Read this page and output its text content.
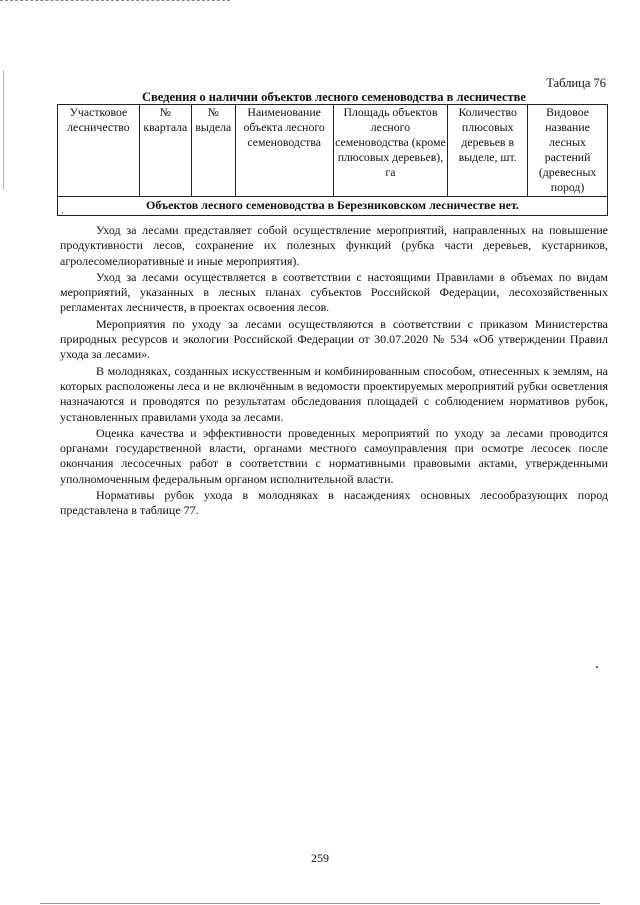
Таблица 76
Сведения о наличии объектов лесного семеноводства в лесничестве
Участковое лесничество	№ квартала	№ выдела	Наименование объекта лесного семеноводства	Площадь объектов лесного семеноводства (кроме плюсовых деревьев), га	Количество плюсовых деревьев в выделе, шт.	Видовое название лесных растений (древесных пород)
Объектов лесного семеноводства в Березниковском лесничестве нет.

Уход за лесами представляет собой осуществление мероприятий, направленных на повышение продуктивности лесов, сохранение их полезных функций (рубка части деревьев, кустарников, агролесомелиоративные и иные мероприятия).

Уход за лесами осуществляется в соответствии с настоящими Правилами в объемах по видам мероприятий, указанных в лесных планах субъектов Российской Федерации, лесохозяйственных регламентах лесничеств, в проектах освоения лесов.

Мероприятия по уходу за лесами осуществляются в соответствии с приказом Министерства природных ресурсов и экологии Российской Федерации от 30.07.2020 № 534 «Об утверждении Правил ухода за лесами».

В молодняках, созданных искусственным и комбинированным способом, отнесенных к землям, на которых расположены леса и не включённым в ведомости проектируемых мероприятий рубки осветления назначаются и проводятся по результатам обследования площадей с соблюдением нормативов рубок, установленных правилами ухода за лесами.

Оценка качества и эффективности проведенных мероприятий по уходу за лесами проводится органами государственной власти, органами местного самоуправления при осмотре лесосек после окончания лесосечных работ в соответствии с нормативными правовыми актами, утвержденными уполномоченным федеральным органом исполнительной власти.

Нормативы рубок ухода в молодняках в насаждениях основных лесообразующих пород представлена в таблице 77.

259
